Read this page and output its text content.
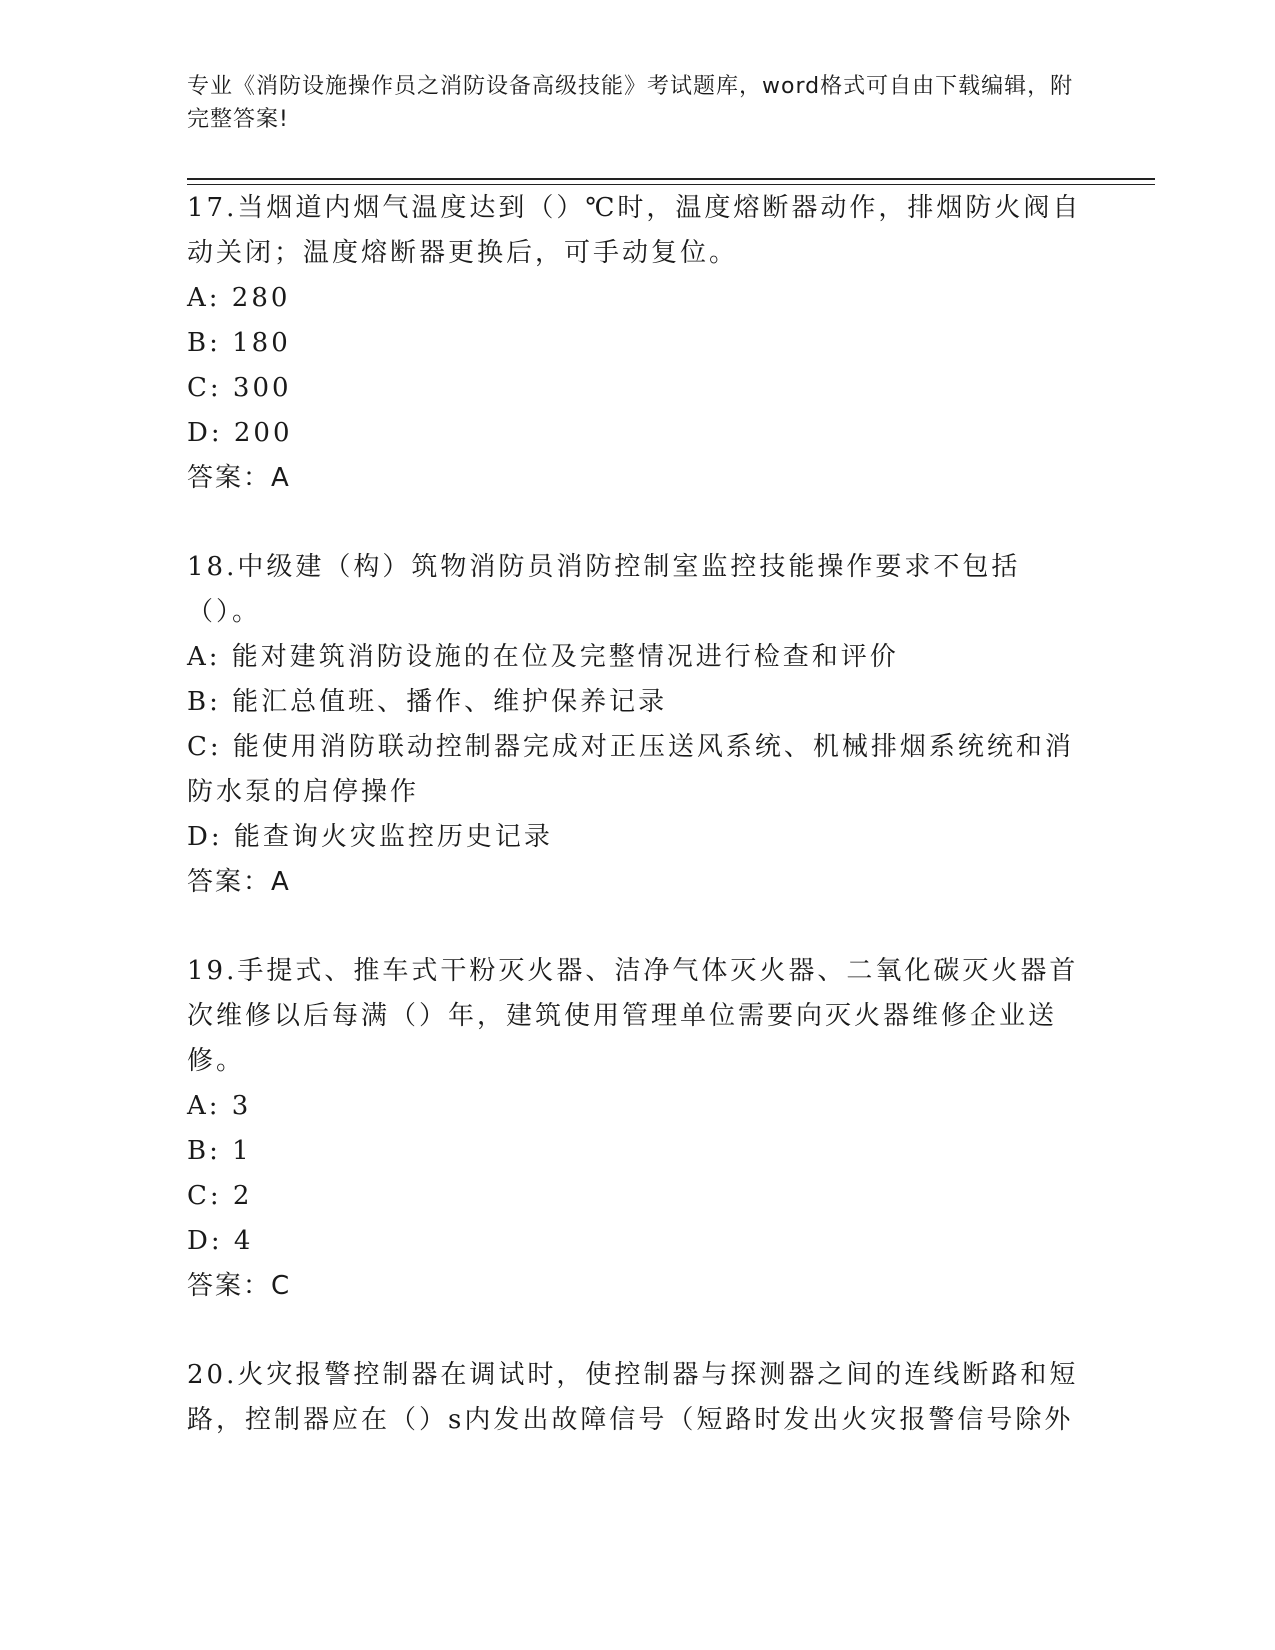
专业《消防设施操作员之消防设备高级技能》考试题库，word格式可自由下载编辑，附完整答案!

17.当烟道内烟气温度达到（）℃时，温度熔断器动作，排烟防火阀自动关闭；温度熔断器更换后，可手动复位。

A: 280

B: 180

C: 300

D: 200

答案：A

18.中级建（构）筑物消防员消防控制室监控技能操作要求不包括（）。

A: 能对建筑消防设施的在位及完整情况进行检查和评价

B: 能汇总值班、播作、维护保养记录

C: 能使用消防联动控制器完成对正压送风系统、机械排烟系统统和消防水泵的启停操作

D: 能查询火灾监控历史记录

答案：A

19.手提式、推车式干粉灭火器、洁净气体灭火器、二氧化碳灭火器首次维修以后每满（）年，建筑使用管理单位需要向灭火器维修企业送修。

A: 3

B: 1

C: 2

D: 4

答案：C

20.火灾报警控制器在调试时，使控制器与探测器之间的连线断路和短路，控制器应在（）s内发出故障信号（短路时发出火灾报警信号除外
